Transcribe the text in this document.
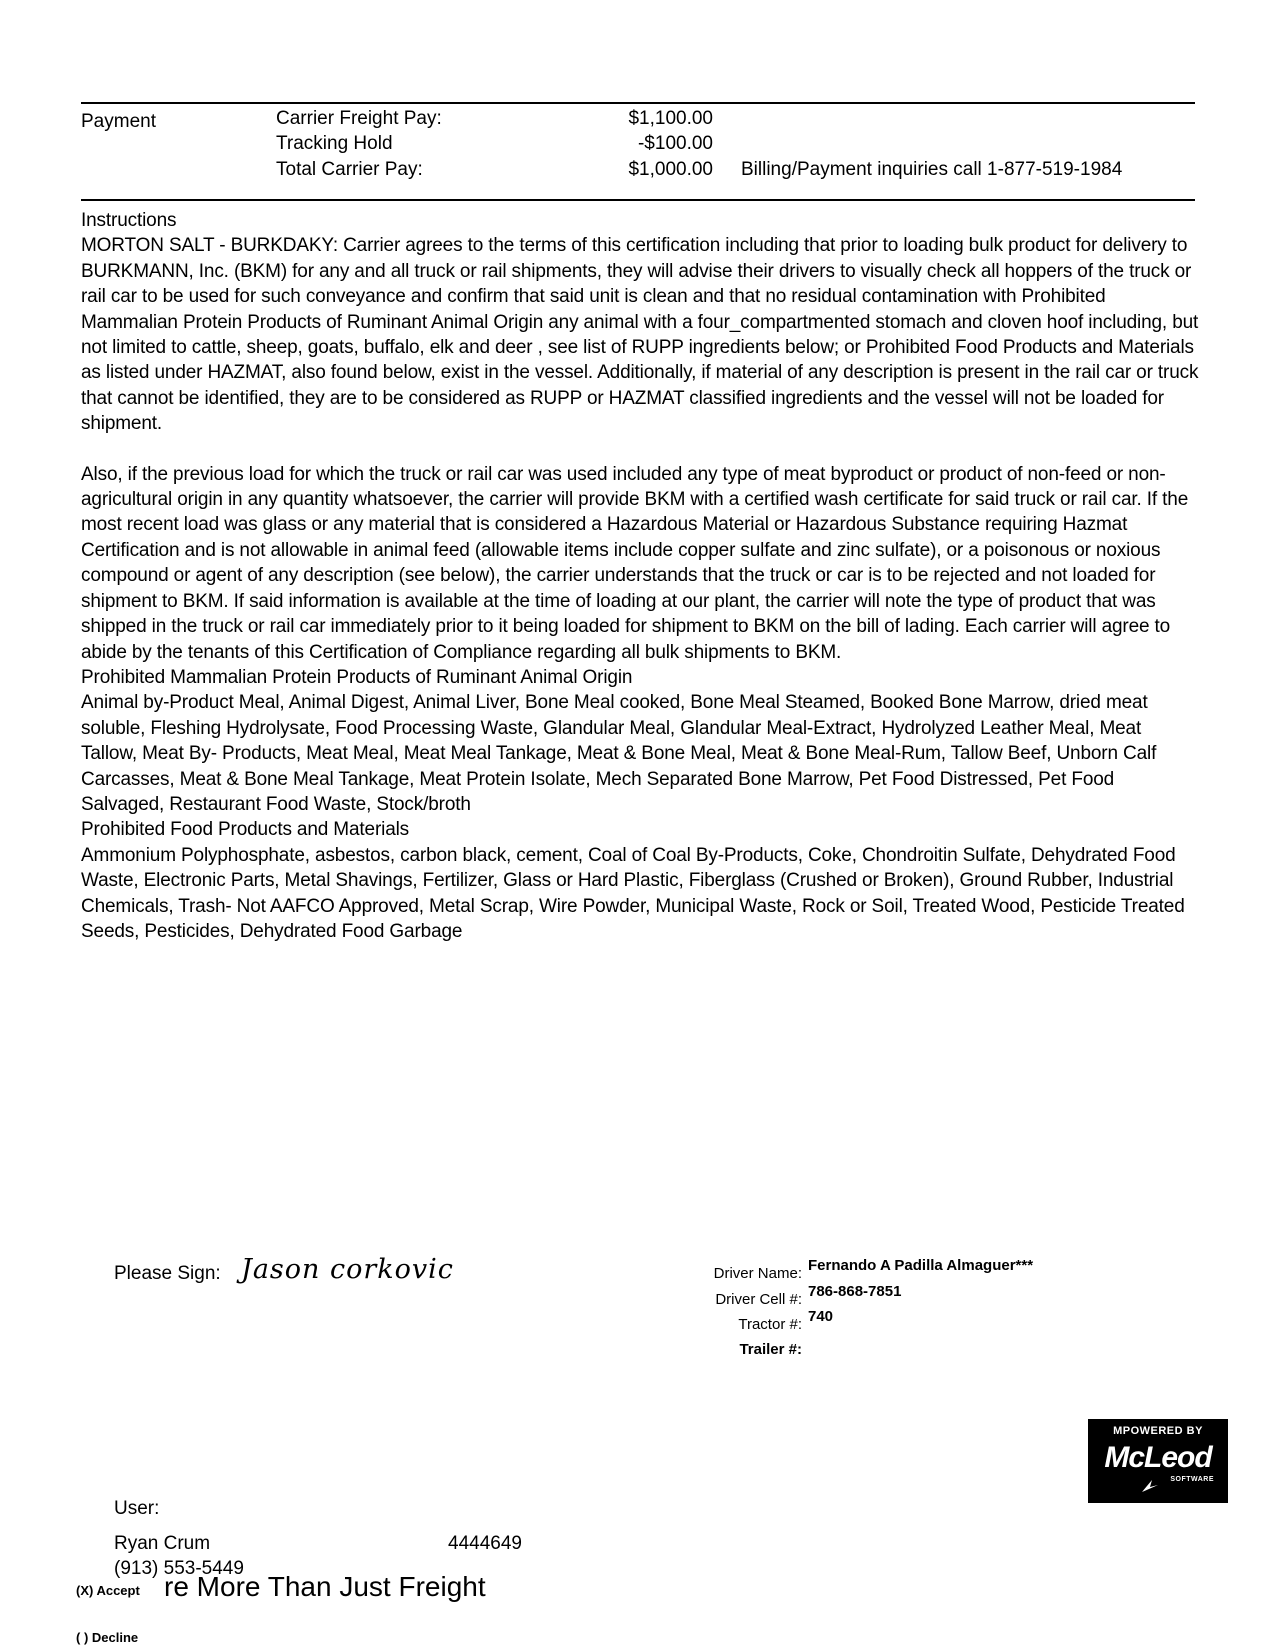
Payment	Carrier Freight Pay:	$1,100.00
Tracking Hold	-$100.00
Total Carrier Pay:	$1,000.00 Billing/Payment inquiries call 1-877-519-1984

Instructions

MORTON SALT - BURKDAKY: Carrier agrees to the terms of this certification including that prior to loading bulk product for delivery to BURKMANN, Inc. (BKM) for any and all truck or rail shipments, they will advise their drivers to visually check all hoppers of the truck or rail car to be used for such conveyance and confirm that said unit is clean and that no residual contamination with Prohibited Mammalian Protein Products of Ruminant Animal Origin any animal with a four_compartmented stomach and cloven hoof including, but not limited to cattle, sheep, goats, buffalo, elk and deer , see list of RUPP ingredients below; or Prohibited Food Products and Materials as listed under HAZMAT, also found below, exist in the vessel. Additionally, if material of any description is present in the rail car or truck that cannot be identified, they are to be considered as RUPP or HAZMAT classified ingredients and the vessel will not be loaded for shipment.

Also, if the previous load for which the truck or rail car was used included any type of meat byproduct or product of non-feed or non-agricultural origin in any quantity whatsoever, the carrier will provide BKM with a certified wash certificate for said truck or rail car. If the most recent load was glass or any material that is considered a Hazardous Material or Hazardous Substance requiring Hazmat Certification and is not allowable in animal feed (allowable items include copper sulfate and zinc sulfate), or a poisonous or noxious compound or agent of any description (see below), the carrier understands that the truck or car is to be rejected and not loaded for shipment to BKM. If said information is available at the time of loading at our plant, the carrier will note the type of product that was shipped in the truck or rail car immediately prior to it being loaded for shipment to BKM on the bill of lading. Each carrier will agree to abide by the tenants of this Certification of Compliance regarding all bulk shipments to BKM.

Prohibited Mammalian Protein Products of Ruminant Animal Origin

Animal by-Product Meal, Animal Digest, Animal Liver, Bone Meal cooked, Bone Meal Steamed, Booked Bone Marrow, dried meat soluble, Fleshing Hydrolysate, Food Processing Waste, Glandular Meal, Glandular Meal-Extract, Hydrolyzed Leather Meal, Meat Tallow, Meat By- Products, Meat Meal, Meat Meal Tankage, Meat & Bone Meal, Meat & Bone Meal-Rum, Tallow Beef, Unborn Calf Carcasses, Meat & Bone Meal Tankage, Meat Protein Isolate, Mech Separated Bone Marrow, Pet Food Distressed, Pet Food Salvaged, Restaurant Food Waste, Stock/broth

Prohibited Food Products and Materials

Ammonium Polyphosphate, asbestos, carbon black, cement, Coal of Coal By-Products, Coke, Chondroitin Sulfate, Dehydrated Food Waste, Electronic Parts, Metal Shavings, Fertilizer, Glass or Hard Plastic, Fiberglass (Crushed or Broken), Ground Rubber, Industrial Chemicals, Trash- Not AAFCO Approved, Metal Scrap, Wire Powder, Municipal Waste, Rock or Soil, Treated Wood, Pesticide Treated Seeds, Pesticides, Dehydrated Food Garbage

Please Sign: Jason corkovic	Driver Name: Fernando A Padilla Almaguer***
Driver Cell #: 786-868-7851
Tractor #: 740
Trailer #:
MPOWERED BY
McLeod
SOFTWARE
User:
Ryan Crum	4444649
(913) 553-5449
(X) Accept re More Than Just Freight
( ) Decline
